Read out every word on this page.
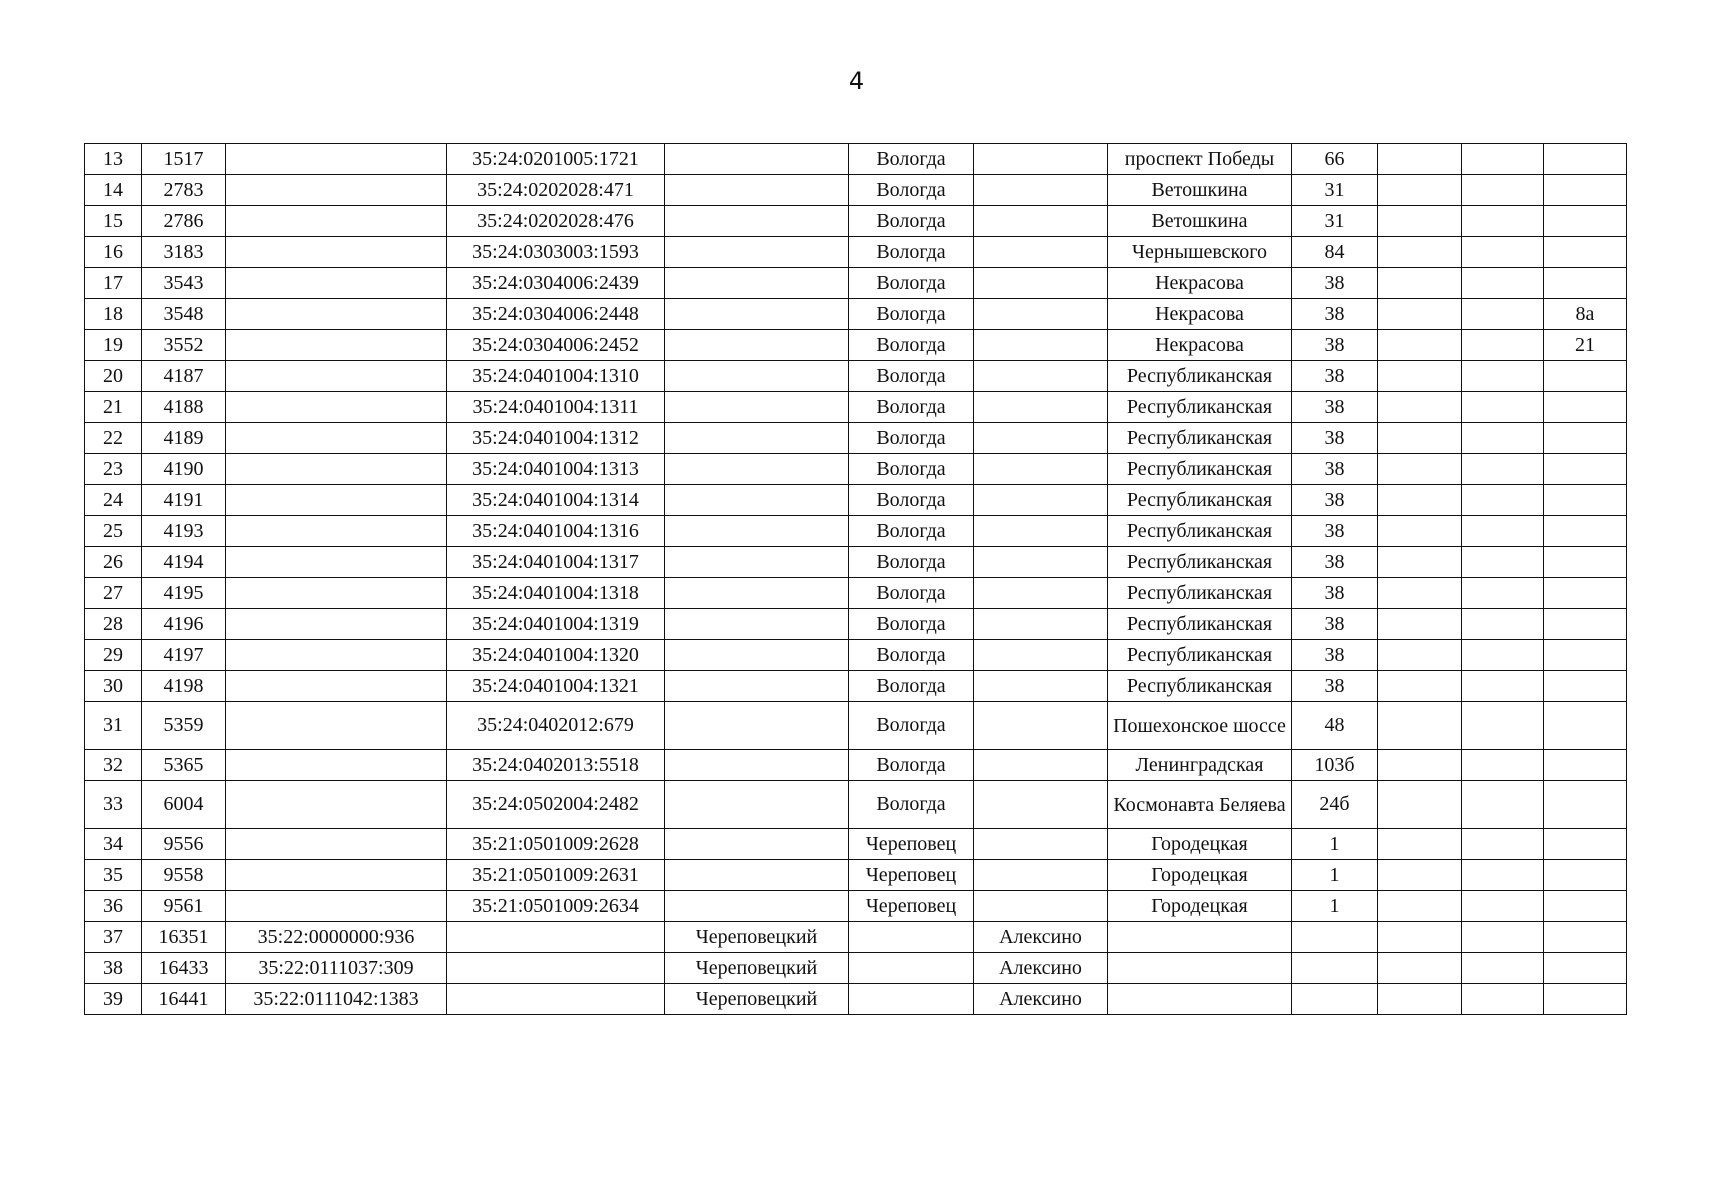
4
13	1517		35:24:0201005:1721		Вологда		проспект Победы	66			
14	2783		35:24:0202028:471		Вологда		Ветошкина	31			
15	2786		35:24:0202028:476		Вологда		Ветошкина	31			
16	3183		35:24:0303003:1593		Вологда		Чернышевского	84			
17	3543		35:24:0304006:2439		Вологда		Некрасова	38			
18	3548		35:24:0304006:2448		Вологда		Некрасова	38			8а
19	3552		35:24:0304006:2452		Вологда		Некрасова	38			21
20	4187		35:24:0401004:1310		Вологда		Республиканская	38			
21	4188		35:24:0401004:1311		Вологда		Республиканская	38			
22	4189		35:24:0401004:1312		Вологда		Республиканская	38			
23	4190		35:24:0401004:1313		Вологда		Республиканская	38			
24	4191		35:24:0401004:1314		Вологда		Республиканская	38			
25	4193		35:24:0401004:1316		Вологда		Республиканская	38			
26	4194		35:24:0401004:1317		Вологда		Республиканская	38			
27	4195		35:24:0401004:1318		Вологда		Республиканская	38			
28	4196		35:24:0401004:1319		Вологда		Республиканская	38			
29	4197		35:24:0401004:1320		Вологда		Республиканская	38			
30	4198		35:24:0401004:1321		Вологда		Республиканская	38			
31	5359		35:24:0402012:679		Вологда		Пошехонское шоссе	48			
32	5365		35:24:0402013:5518		Вологда		Ленинградская	103б			
33	6004		35:24:0502004:2482		Вологда		Космонавта Беляева	24б			
34	9556		35:21:0501009:2628		Череповец		Городецкая	1			
35	9558		35:21:0501009:2631		Череповец		Городецкая	1			
36	9561		35:21:0501009:2634		Череповец		Городецкая	1			
37	16351	35:22:0000000:936		Череповецкий		Алексино					
38	16433	35:22:0111037:309		Череповецкий		Алексино					
39	16441	35:22:0111042:1383		Череповецкий		Алексино					
